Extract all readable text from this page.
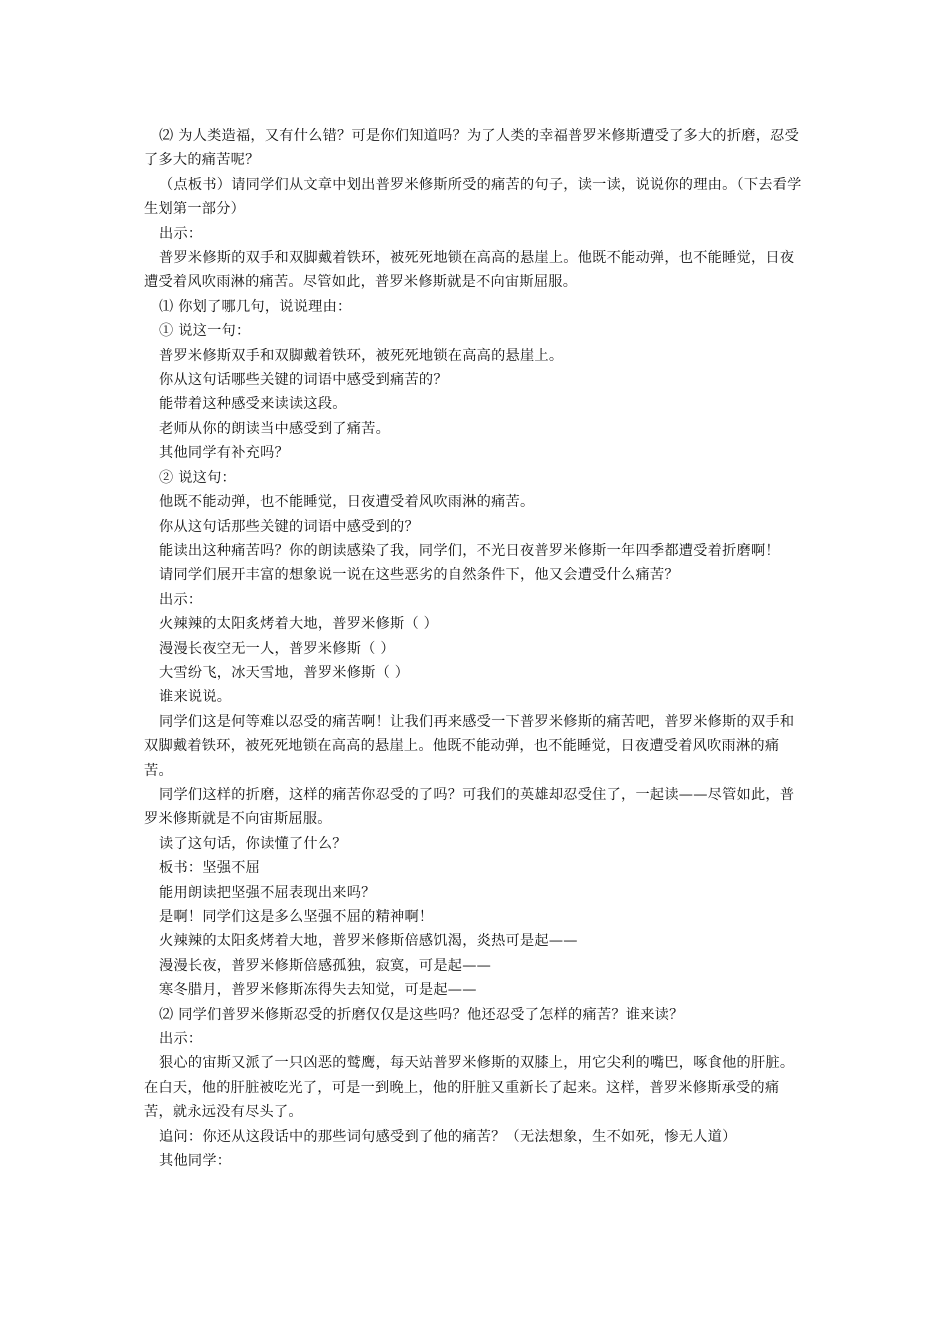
⑵ 为人类造福，又有什么错？可是你们知道吗？为了人类的幸福普罗米修斯遭受了多大的折磨，忍受了多大的痛苦呢？

（点板书）请同学们从文章中划出普罗米修斯所受的痛苦的句子，读一读，说说你的理由。（下去看学生划第一部分）

出示：

普罗米修斯的双手和双脚戴着铁环，被死死地锁在高高的悬崖上。他既不能动弹，也不能睡觉，日夜遭受着风吹雨淋的痛苦。尽管如此，普罗米修斯就是不向宙斯屈服。

⑴ 你划了哪几句，说说理由：

① 说这一句：

普罗米修斯双手和双脚戴着铁环，被死死地锁在高高的悬崖上。

你从这句话哪些关键的词语中感受到痛苦的？

能带着这种感受来读读这段。

老师从你的朗读当中感受到了痛苦。

其他同学有补充吗？

② 说这句：

他既不能动弹，也不能睡觉，日夜遭受着风吹雨淋的痛苦。

你从这句话那些关键的词语中感受到的？

能读出这种痛苦吗？你的朗读感染了我，同学们，不光日夜普罗米修斯一年四季都遭受着折磨啊！

请同学们展开丰富的想象说一说在这些恶劣的自然条件下，他又会遭受什么痛苦？

出示：

火辣辣的太阳炙烤着大地，普罗米修斯（ ）

漫漫长夜空无一人，普罗米修斯（ ）

大雪纷飞，冰天雪地，普罗米修斯（ ）

谁来说说。

同学们这是何等难以忍受的痛苦啊！让我们再来感受一下普罗米修斯的痛苦吧，普罗米修斯的双手和双脚戴着铁环，被死死地锁在高高的悬崖上。他既不能动弹，也不能睡觉，日夜遭受着风吹雨淋的痛苦。

同学们这样的折磨，这样的痛苦你忍受的了吗？可我们的英雄却忍受住了，一起读——尽管如此，普罗米修斯就是不向宙斯屈服。

读了这句话，你读懂了什么？

板书：坚强不屈

能用朗读把坚强不屈表现出来吗？

是啊！同学们这是多么坚强不屈的精神啊！

火辣辣的太阳炙烤着大地，普罗米修斯倍感饥渴，炎热可是起——

漫漫长夜，普罗米修斯倍感孤独，寂寞，可是起——

寒冬腊月，普罗米修斯冻得失去知觉，可是起——

⑵ 同学们普罗米修斯忍受的折磨仅仅是这些吗？他还忍受了怎样的痛苦？谁来读？

出示：

狠心的宙斯又派了一只凶恶的鹫鹰，每天站普罗米修斯的双膝上，用它尖利的嘴巴，啄食他的肝脏。在白天，他的肝脏被吃光了，可是一到晚上，他的肝脏又重新长了起来。这样，普罗米修斯承受的痛苦，就永远没有尽头了。

追问：你还从这段话中的那些词句感受到了他的痛苦？（无法想象，生不如死，惨无人道）

其他同学：
